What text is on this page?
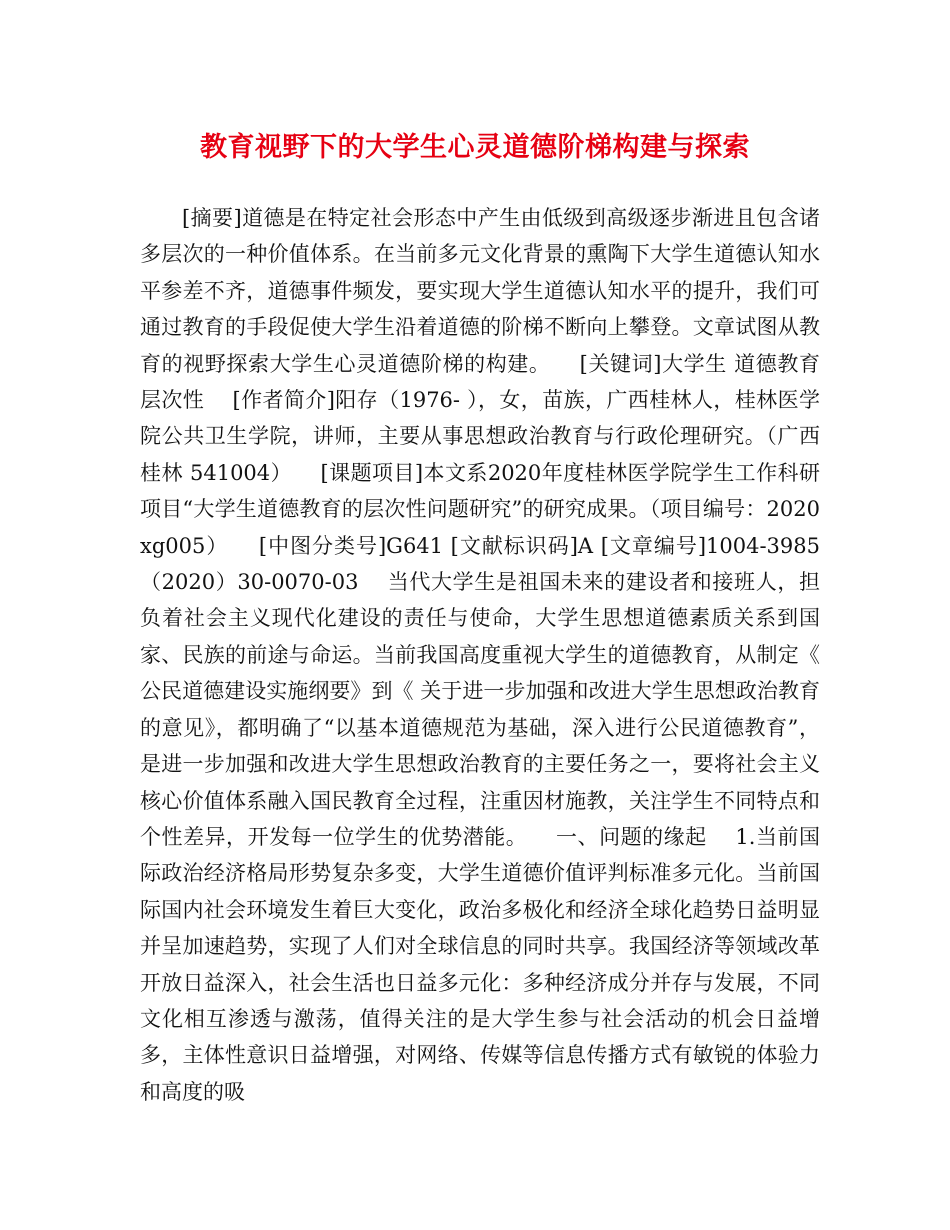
教育视野下的大学生心灵道德阶梯构建与探索

[摘要]道德是在特定社会形态中产生由低级到高级逐步渐进且包含诸多层次的一种价值体系。在当前多元文化背景的熏陶下大学生道德认知水平参差不齐，道德事件频发，要实现大学生道德认知水平的提升，我们可通过教育的手段促使大学生沿着道德的阶梯不断向上攀登。文章试图从教育的视野探索大学生心灵道德阶梯的构建。    [关键词]大学生 道德教育 层次性    [作者简介]阳存（1976- ），女，苗族，广西桂林人，桂林医学院公共卫生学院，讲师，主要从事思想政治教育与行政伦理研究。（广西 桂林 541004）    [课题项目]本文系2020年度桂林医学院学生工作科研项目“大学生道德教育的层次性问题研究”的研究成果。（项目编号：2020xg005）    [中图分类号]G641 [文献标识码]A [文章编号]1004-3985（2020）30-0070-03    当代大学生是祖国未来的建设者和接班人，担负着社会主义现代化建设的责任与使命，大学生思想道德素质关系到国家、民族的前途与命运。当前我国高度重视大学生的道德教育，从制定《 公民道德建设实施纲要》到《 关于进一步加强和改进大学生思想政治教育的意见》，都明确了“以基本道德规范为基础，深入进行公民道德教育”，是进一步加强和改进大学生思想政治教育的主要任务之一，要将社会主义核心价值体系融入国民教育全过程，注重因材施教，关注学生不同特点和个性差异，开发每一位学生的优势潜能。    一、问题的缘起    1.当前国际政治经济格局形势复杂多变，大学生道德价值评判标准多元化。当前国际国内社会环境发生着巨大变化，政治多极化和经济全球化趋势日益明显并呈加速趋势，实现了人们对全球信息的同时共享。我国经济等领域改革开放日益深入，社会生活也日益多元化：多种经济成分并存与发展，不同文化相互渗透与激荡，值得关注的是大学生参与社会活动的机会日益增多，主体性意识日益增强，对网络、传媒等信息传播方式有敏锐的体验力和高度的吸
